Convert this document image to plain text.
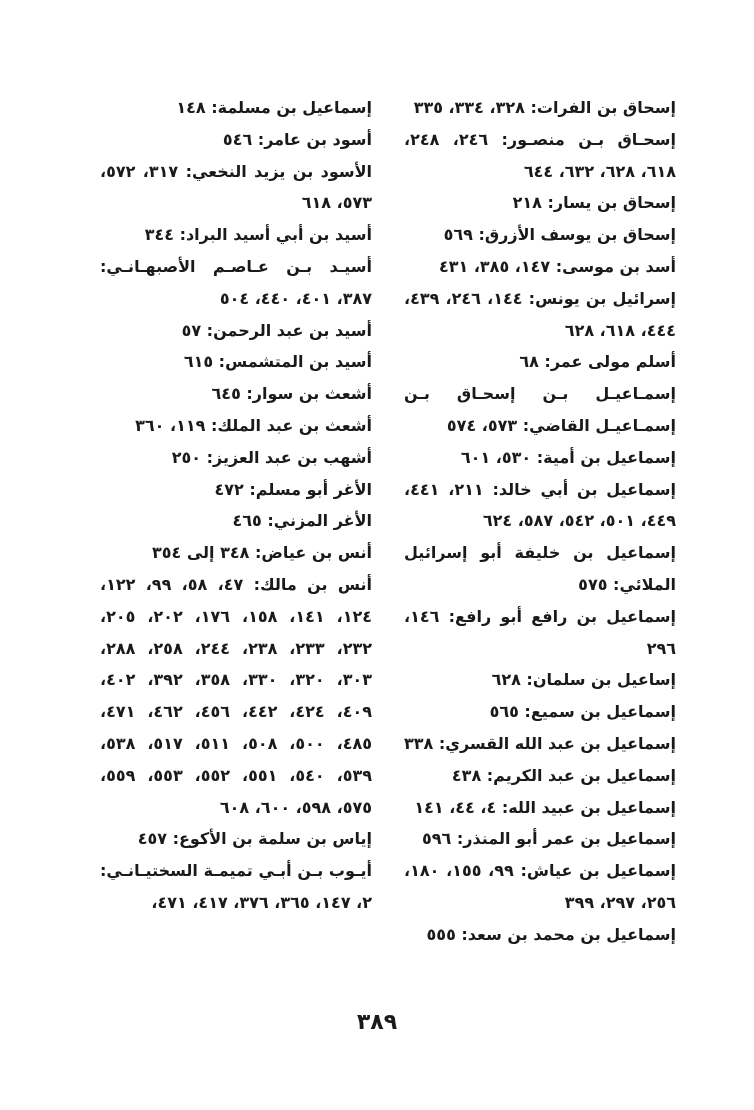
إسحاق بن الفرات: ٣٢٨، ٣٣٤، ٣٣٥

إسحـاق بـن منصـور: ٢٤٦، ٢٤٨، ٦١٨، ٦٢٨، ٦٣٢، ٦٤٤

إسحاق بن يسار: ٢١٨

إسحاق بن يوسف الأزرق: ٥٦٩

أسد بن موسى: ١٤٧، ٣٨٥، ٤٣١

إسرائيل بن يونس: ١٤٤، ٢٤٦، ٤٣٩، ٤٤٤، ٦١٨، ٦٢٨

أسلم مولى عمر: ٦٨

إسمـاعيـل بـن إسحـاق بـن إسمـاعيـل القاضي: ٥٧٣، ٥٧٤

إسماعيل بن أمية: ٥٣٠، ٦٠١

إسماعيل بن أبي خالد: ٢١١، ٤٤١، ٤٤٩، ٥٠١، ٥٤٢، ٥٨٧، ٦٢٤

إسماعيل بن خليفة أبو إسرائيل الملائي: ٥٧٥

إسماعيل بن رافع أبو رافع: ١٤٦، ٢٩٦

إساعيل بن سلمان: ٦٢٨

إسماعيل بن سميع: ٥٦٥

إسماعيل بن عبد الله القسري: ٣٣٨

إسماعيل بن عبد الكريم: ٤٣٨

إسماعيل بن عبيد الله: ٤، ٤٤، ١٤١

إسماعيل بن عمر أبو المنذر: ٥٩٦

إسماعيل بن عياش: ٩٩، ١٥٥، ١٨٠، ٢٥٦، ٢٩٧، ٣٩٩

إسماعيل بن محمد بن سعد: ٥٥٥

إسماعيل بن مسلمة: ١٤٨

أسود بن عامر: ٥٤٦

الأسود بن يزيد النخعي: ٣١٧، ٥٧٢، ٥٧٣، ٦١٨

أسيد بن أبي أسيد البراد: ٣٤٤

أسيـد بـن عـاصـم الأصبهـانـي: ٣٨٧، ٤٠١، ٤٤٠، ٥٠٤

أسيد بن عبد الرحمن: ٥٧

أسيد بن المتشمس: ٦١٥

أشعث بن سوار: ٦٤٥

أشعث بن عبد الملك: ١١٩، ٣٦٠

أشهب بن عبد العزيز: ٢٥٠

الأغر أبو مسلم: ٤٧٢

الأغر المزني: ٤٦٥

أنس بن عياض: ٣٤٨ إلى ٣٥٤

أنس بن مالك: ٤٧، ٥٨، ٩٩، ١٢٢، ١٢٤، ١٤١، ١٥٨، ١٧٦، ٢٠٢، ٢٠٥، ٢٣٢، ٢٣٣، ٢٣٨، ٢٤٤، ٢٥٨، ٢٨٨، ٣٠٣، ٣٢٠، ٣٣٠، ٣٥٨، ٣٩٢، ٤٠٢، ٤٠٩، ٤٢٤، ٤٤٢، ٤٥٦، ٤٦٢، ٤٧١، ٤٨٥، ٥٠٠، ٥٠٨، ٥١١، ٥١٧، ٥٣٨، ٥٣٩، ٥٤٠، ٥٥١، ٥٥٢، ٥٥٣، ٥٥٩، ٥٧٥، ٥٩٨، ٦٠٠، ٦٠٨

إياس بن سلمة بن الأكوع: ٤٥٧

أيـوب بـن أبـي تميمـة السختيـانـي: ٢، ١٤٧، ٣٦٥، ٣٧٦، ٤١٧، ٤٧١،

٣٨٩
